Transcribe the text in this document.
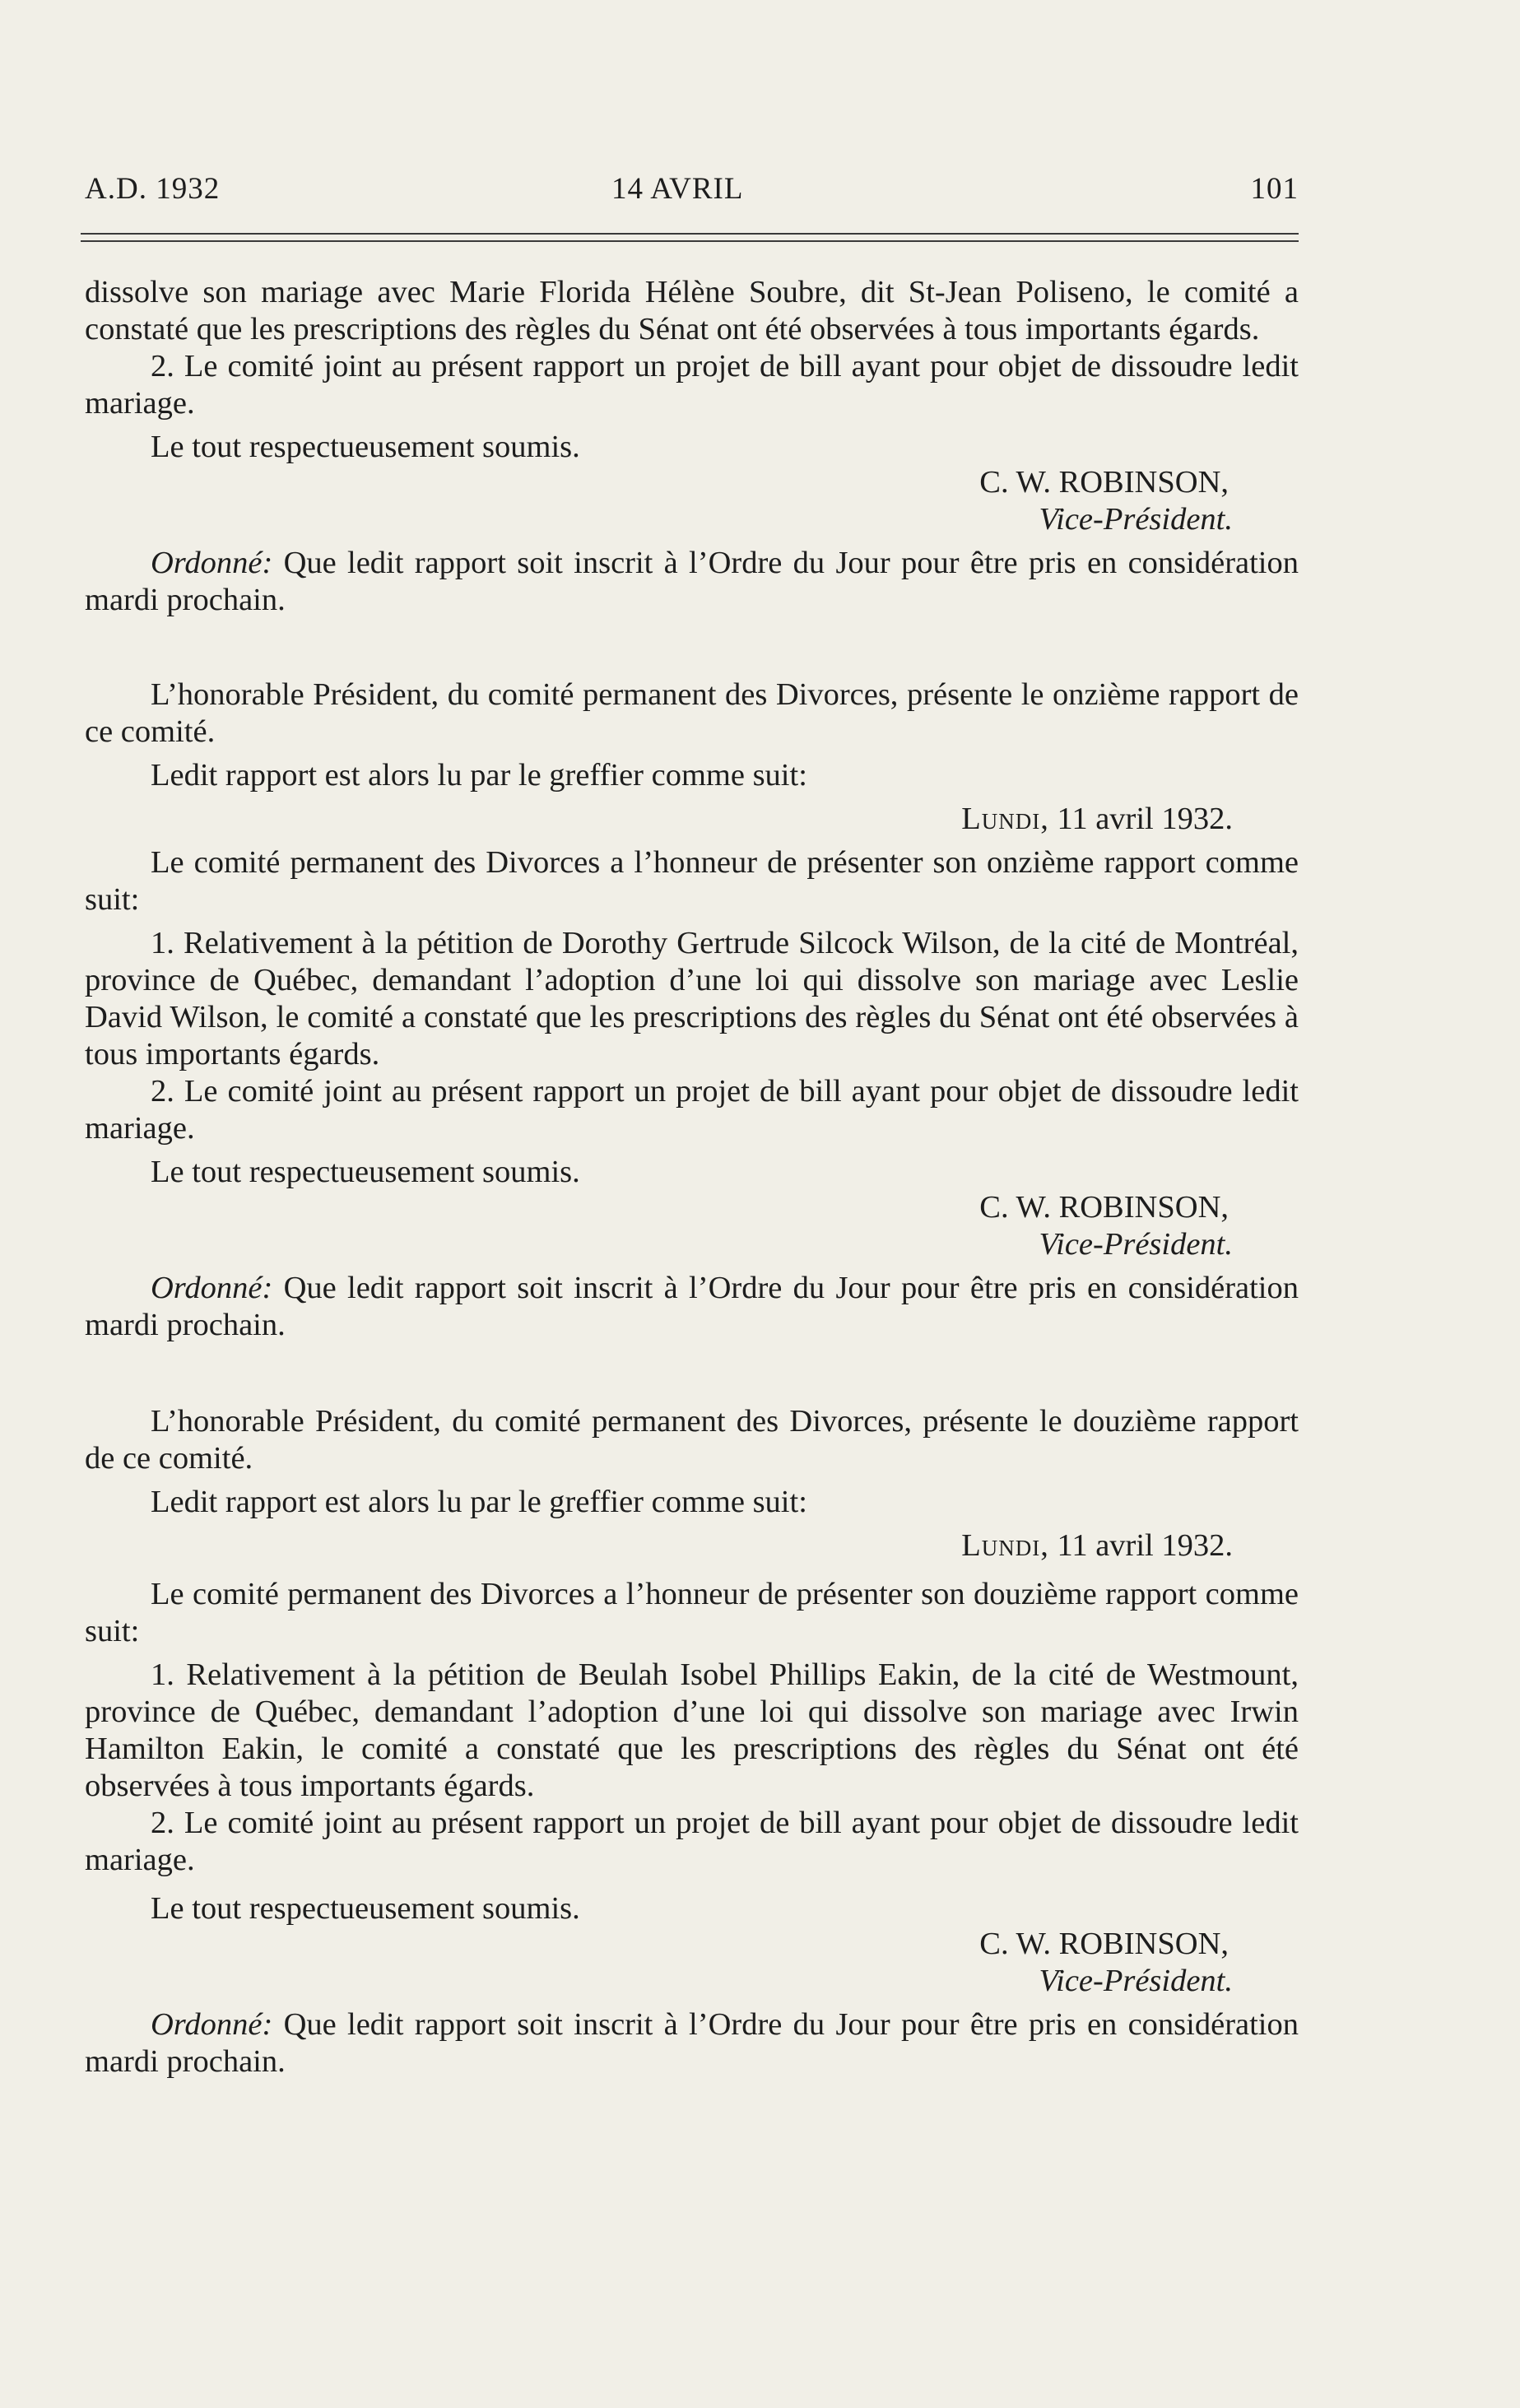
A.D. 1932	14 AVRIL	101

dissolve son mariage avec Marie Florida Hélène Soubre, dit St-Jean Poliseno, le comité a constaté que les prescriptions des règles du Sénat ont été observées à tous importants égards.

2. Le comité joint au présent rapport un projet de bill ayant pour objet de dissoudre ledit mariage.

Le tout respectueusement soumis.

C. W. ROBINSON,

Vice-Président.

Ordonné: Que ledit rapport soit inscrit à l’Ordre du Jour pour être pris en considération mardi prochain.

L’honorable Président, du comité permanent des Divorces, présente le onzième rapport de ce comité.

Ledit rapport est alors lu par le greffier comme suit:

Lundi, 11 avril 1932.

Le comité permanent des Divorces a l’honneur de présenter son onzième rapport comme suit:

1. Relativement à la pétition de Dorothy Gertrude Silcock Wilson, de la cité de Montréal, province de Québec, demandant l’adoption d’une loi qui dissolve son mariage avec Leslie David Wilson, le comité a constaté que les prescriptions des règles du Sénat ont été observées à tous importants égards.

2. Le comité joint au présent rapport un projet de bill ayant pour objet de dissoudre ledit mariage.

Le tout respectueusement soumis.

C. W. ROBINSON,

Vice-Président.

Ordonné: Que ledit rapport soit inscrit à l’Ordre du Jour pour être pris en considération mardi prochain.

L’honorable Président, du comité permanent des Divorces, présente le douzième rapport de ce comité.

Ledit rapport est alors lu par le greffier comme suit:

Lundi, 11 avril 1932.

Le comité permanent des Divorces a l’honneur de présenter son douzième rapport comme suit:

1. Relativement à la pétition de Beulah Isobel Phillips Eakin, de la cité de Westmount, province de Québec, demandant l’adoption d’une loi qui dissolve son mariage avec Irwin Hamilton Eakin, le comité a constaté que les prescriptions des règles du Sénat ont été observées à tous importants égards.

2. Le comité joint au présent rapport un projet de bill ayant pour objet de dissoudre ledit mariage.

Le tout respectueusement soumis.

C. W. ROBINSON,

Vice-Président.

Ordonné: Que ledit rapport soit inscrit à l’Ordre du Jour pour être pris en considération mardi prochain.
